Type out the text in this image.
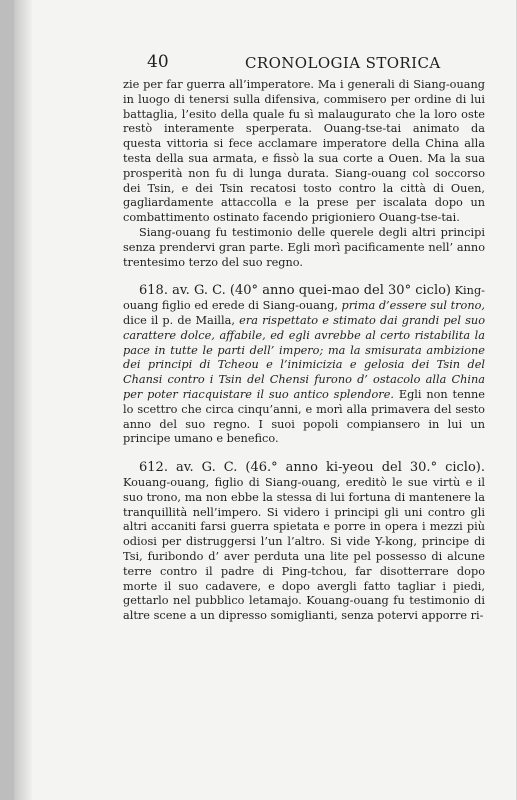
40	CRONOLOGIA STORICA

zie per far guerra all’imperatore. Ma i generali di Siang-ouang in luogo di tenersi sulla difensiva, commisero per ordine di lui battaglia, l’esito della quale fu sì malaugurato che la loro oste restò interamente sperperata. Ouang-tse-tai animato da questa vittoria si fece acclamare imperatore della China alla testa della sua armata, e fissò la sua corte a Ouen. Ma la sua prosperità non fu di lunga durata. Siang-ouang col soccorso dei Tsin, e dei Tsin recatosi tosto contro la città di Ouen, gagliardamente attaccolla e la prese per iscalata dopo un combattimento ostinato facendo prigioniero Ouang-tse-tai.

Siang-ouang fu testimonio delle querele degli altri principi senza prendervi gran parte. Egli morì pacificamente nell’ anno trentesimo terzo del suo regno.

618. av. G. C. (40° anno quei-mao del 30° ciclo) King-ouang figlio ed erede di Siang-ouang, prima d’essere sul trono, dice il p. de Mailla, era rispettato e stimato dai grandi pel suo carattere dolce, affabile, ed egli avrebbe al certo ristabilita la pace in tutte le parti dell’ impero; ma la smisurata ambizione dei principi di Tcheou e l’inimicizia e gelosia dei Tsin del Chansi contro i Tsin del Chensi furono d’ ostacolo alla China per poter riacquistare il suo antico splendore. Egli non tenne lo scettro che circa cinqu’anni, e morì alla primavera del sesto anno del suo regno. I suoi popoli compiansero in lui un principe umano e benefico.

612. av. G. C. (46.° anno ki-yeou del 30.° ciclo). Kouang-ouang, figlio di Siang-ouang, ereditò le sue virtù e il suo trono, ma non ebbe la stessa di lui fortuna di mantenere la tranquillità nell’impero. Si videro i principi gli uni contro gli altri accaniti farsi guerra spietata e porre in opera i mezzi più odiosi per distruggersi l’un l’altro. Si vide Y-kong, principe di Tsi, furibondo d’ aver perduta una lite pel possesso di alcune terre contro il padre di Ping-tchou, far disotterrare dopo morte il suo cadavere, e dopo avergli fatto tagliar i piedi, gettarlo nel pubblico letamajo. Kouang-ouang fu testimonio di altre scene a un dipresso somiglianti, senza potervi apporre ri-
